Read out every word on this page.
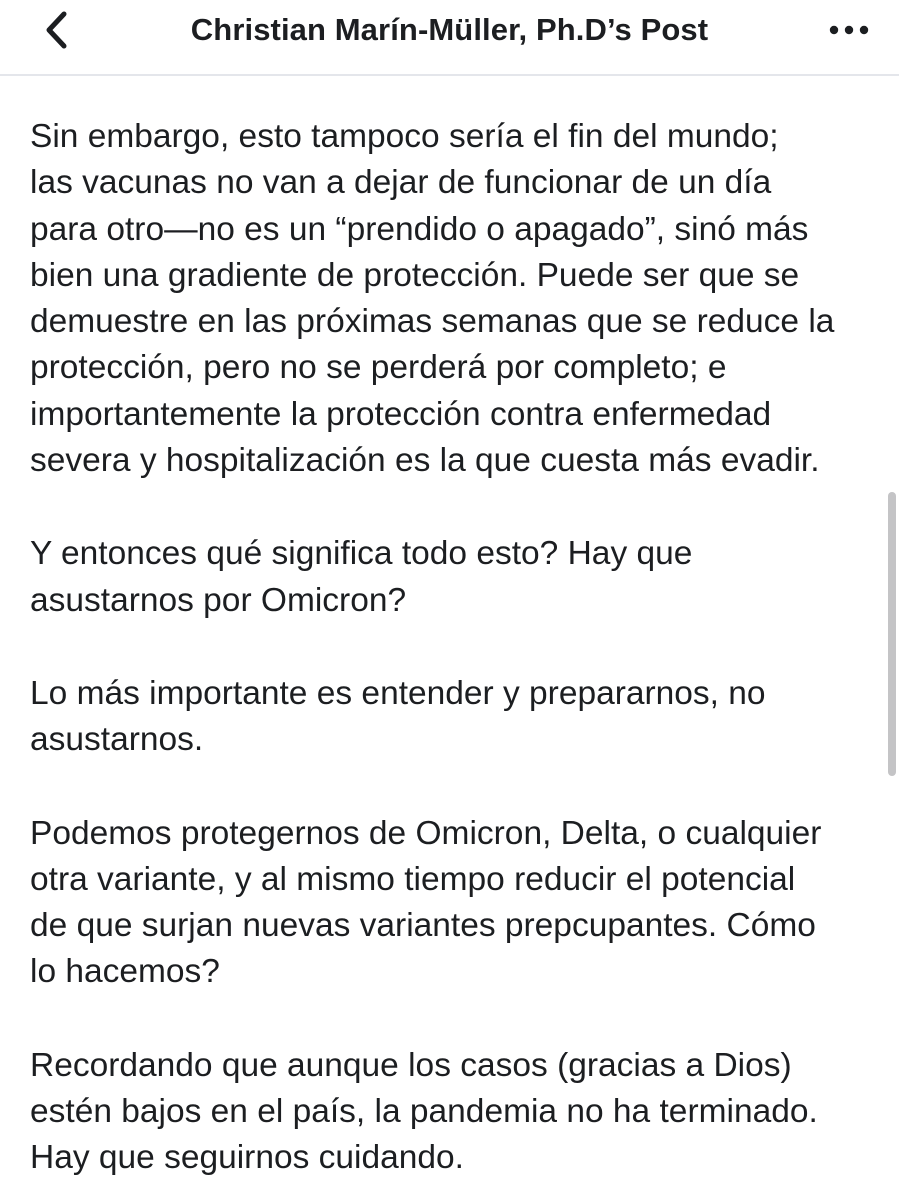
Christian Marín-Müller, Ph.D’s Post

Sin embargo, esto tampoco sería el fin del mundo;
las vacunas no van a dejar de funcionar de un día
para otro—no es un “prendido o apagado”, sinó más
bien una gradiente de protección. Puede ser que se
demuestre en las próximas semanas que se reduce la
protección, pero no se perderá por completo; e
importantemente la protección contra enfermedad
severa y hospitalización es la que cuesta más evadir.

Y entonces qué significa todo esto? Hay que
asustarnos por Omicron?

Lo más importante es entender y prepararnos, no
asustarnos.

Podemos protegernos de Omicron, Delta, o cualquier
otra variante, y al mismo tiempo reducir el potencial
de que surjan nuevas variantes prepcupantes. Cómo
lo hacemos?

Recordando que aunque los casos (gracias a Dios)
estén bajos en el país, la pandemia no ha terminado.
Hay que seguirnos cuidando.
